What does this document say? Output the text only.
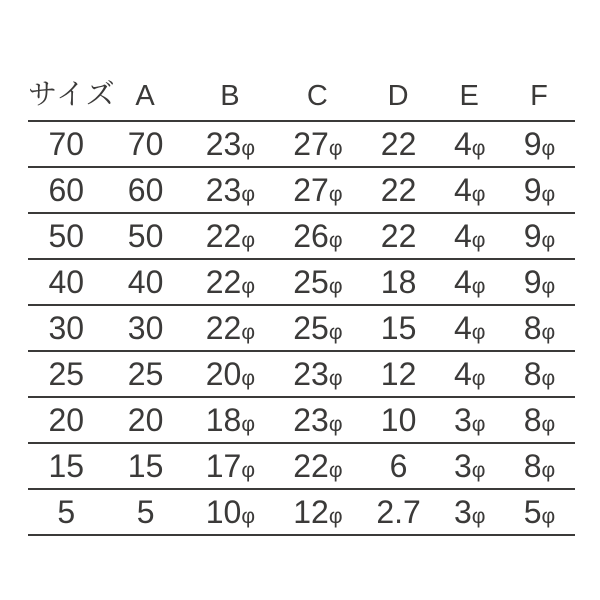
サイズ	A	B	C	D	E	F
70	70	23φ	27φ	22	4φ	9φ
60	60	23φ	27φ	22	4φ	9φ
50	50	22φ	26φ	22	4φ	9φ
40	40	22φ	25φ	18	4φ	9φ
30	30	22φ	25φ	15	4φ	8φ
25	25	20φ	23φ	12	4φ	8φ
20	20	18φ	23φ	10	3φ	8φ
15	15	17φ	22φ	6	3φ	8φ
5	5	10φ	12φ	2.7	3φ	5φ
